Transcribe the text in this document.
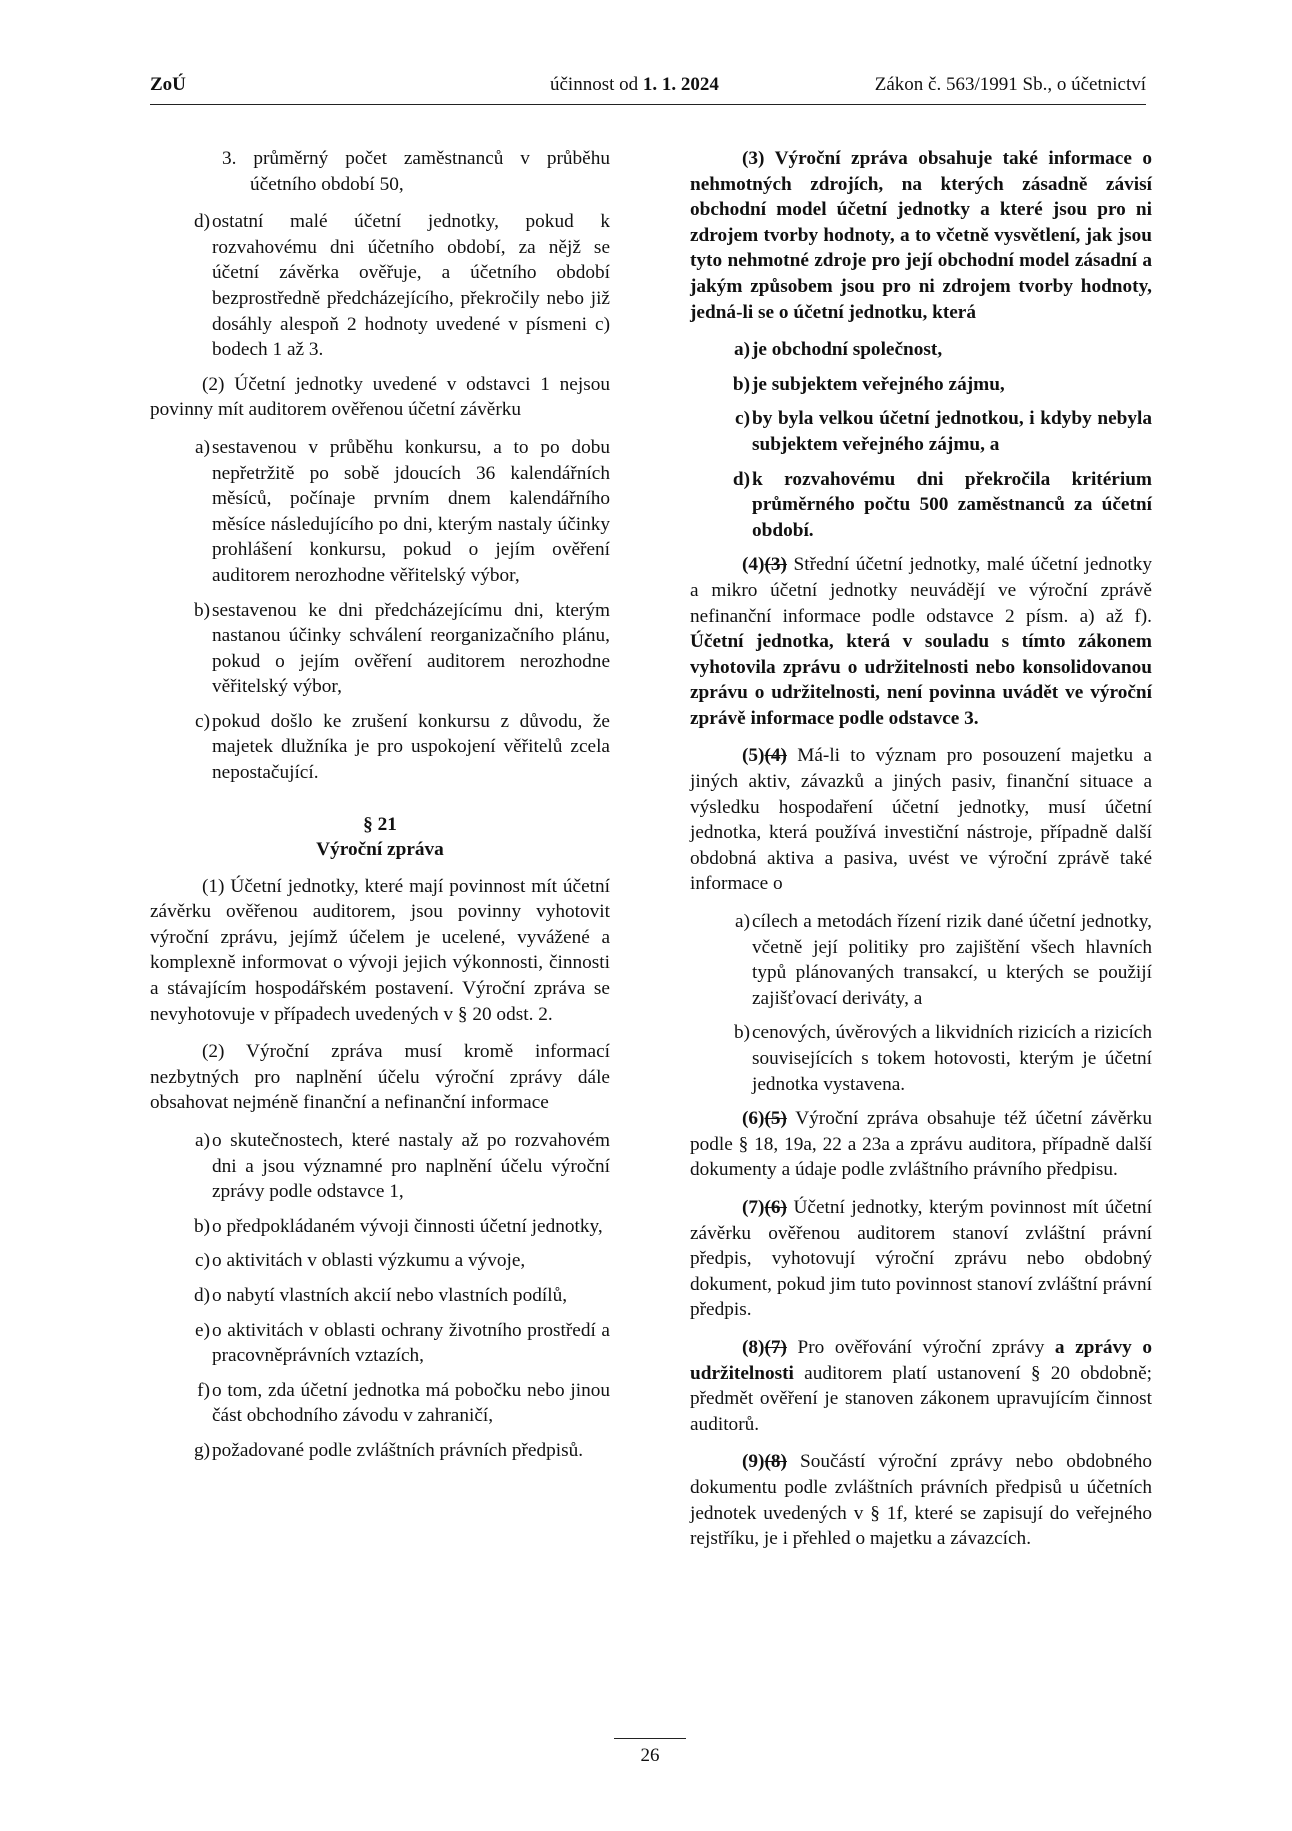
ZoÚ	účinnost od 1. 1. 2024	Zákon č. 563/1991 Sb., o účetnictví
3. průměrný počet zaměstnanců v průběhu účetního období 50,
d) ostatní malé účetní jednotky, pokud k rozvahovému dni účetního období, za nějž se účetní závěrka ověřuje, a účetního období bezprostředně předcházejícího, překročily nebo již dosáhly alespoň 2 hodnoty uvedené v písmeni c) bodech 1 až 3.

(2) Účetní jednotky uvedené v odstavci 1 nejsou povinny mít auditorem ověřenou účetní závěrku

a) sestavenou v průběhu konkursu, a to po dobu nepřetržitě po sobě jdoucích 36 kalendářních měsíců, počínaje prvním dnem kalendářního měsíce následujícího po dni, kterým nastaly účinky prohlášení konkursu, pokud o jejím ověření auditorem nerozhodne věřitelský výbor,
b) sestavenou ke dni předcházejícímu dni, kterým nastanou účinky schválení reorganizačního plánu, pokud o jejím ověření auditorem nerozhodne věřitelský výbor,
c) pokud došlo ke zrušení konkursu z důvodu, že majetek dlužníka je pro uspokojení věřitelů zcela nepostačující.
§ 21
Výroční zpráva

(1) Účetní jednotky, které mají povinnost mít účetní závěrku ověřenou auditorem, jsou povinny vyhotovit výroční zprávu, jejímž účelem je ucelené, vyvážené a komplexně informovat o vývoji jejich výkonnosti, činnosti a stávajícím hospodářském postavení. Výroční zpráva se nevyhotovuje v případech uvedených v § 20 odst. 2.

(2) Výroční zpráva musí kromě informací nezbytných pro naplnění účelu výroční zprávy dále obsahovat nejméně finanční a nefinanční informace

a) o skutečnostech, které nastaly až po rozvahovém dni a jsou významné pro naplnění účelu výroční zprávy podle odstavce 1,
b) o předpokládaném vývoji činnosti účetní jednotky,
c) o aktivitách v oblasti výzkumu a vývoje,
d) o nabytí vlastních akcií nebo vlastních podílů,
e) o aktivitách v oblasti ochrany životního prostředí a pracovněprávních vztazích,
f) o tom, zda účetní jednotka má pobočku nebo jinou část obchodního závodu v zahraničí,
g) požadované podle zvláštních právních předpisů.

(3) Výroční zpráva obsahuje také informace o nehmotných zdrojích, na kterých zásadně závisí obchodní model účetní jednotky a které jsou pro ni zdrojem tvorby hodnoty, a to včetně vysvětlení, jak jsou tyto nehmotné zdroje pro její obchodní model zásadní a jakým způsobem jsou pro ni zdrojem tvorby hodnoty, jedná-li se o účetní jednotku, která

a) je obchodní společnost,
b) je subjektem veřejného zájmu,
c) by byla velkou účetní jednotkou, i kdyby nebyla subjektem veřejného zájmu, a
d) k rozvahovému dni překročila kritérium průměrného počtu 500 zaměstnanců za účetní období.

(4)(3) Střední účetní jednotky, malé účetní jednotky a mikro účetní jednotky neuvádějí ve výroční zprávě nefinanční informace podle odstavce 2 písm. a) až f). Účetní jednotka, která v souladu s tímto zákonem vyhotovila zprávu o udržitelnosti nebo konsolidovanou zprávu o udržitelnosti, není povinna uvádět ve výroční zprávě informace podle odstavce 3.

(5)(4) Má-li to význam pro posouzení majetku a jiných aktiv, závazků a jiných pasiv, finanční situace a výsledku hospodaření účetní jednotky, musí účetní jednotka, která používá investiční nástroje, případně další obdobná aktiva a pasiva, uvést ve výroční zprávě také informace o

a) cílech a metodách řízení rizik dané účetní jednotky, včetně její politiky pro zajištění všech hlavních typů plánovaných transakcí, u kterých se použijí zajišťovací deriváty, a
b) cenových, úvěrových a likvidních rizicích a rizicích souvisejících s tokem hotovosti, kterým je účetní jednotka vystavena.

(6)(5) Výroční zpráva obsahuje též účetní závěrku podle § 18, 19a, 22 a 23a a zprávu auditora, případně další dokumenty a údaje podle zvláštního právního předpisu.

(7)(6) Účetní jednotky, kterým povinnost mít účetní závěrku ověřenou auditorem stanoví zvláštní právní předpis, vyhotovují výroční zprávu nebo obdobný dokument, pokud jim tuto povinnost stanoví zvláštní právní předpis.

(8)(7) Pro ověřování výroční zprávy a zprávy o udržitelnosti auditorem platí ustanovení § 20 obdobně; předmět ověření je stanoven zákonem upravujícím činnost auditorů.

(9)(8) Součástí výroční zprávy nebo obdobného dokumentu podle zvláštních právních předpisů u účetních jednotek uvedených v § 1f, které se zapisují do veřejného rejstříku, je i přehled o majetku a závazcích.

26
